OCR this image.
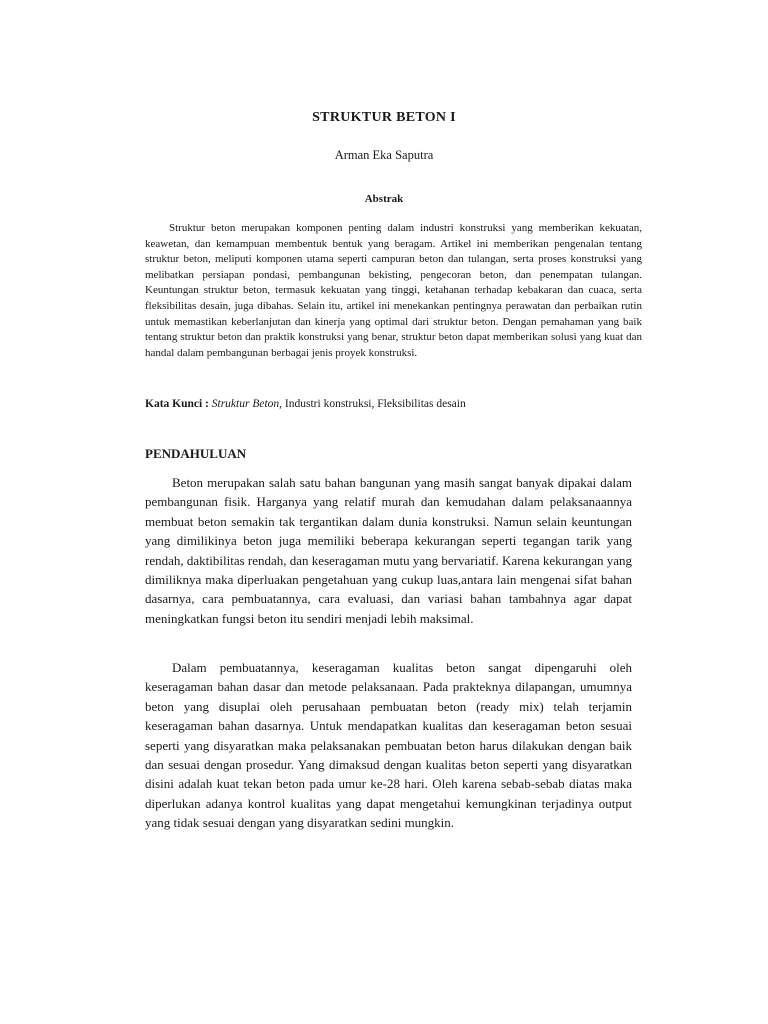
STRUKTUR BETON I
Arman Eka Saputra
Abstrak

Struktur beton merupakan komponen penting dalam industri konstruksi yang memberikan kekuatan, keawetan, dan kemampuan membentuk bentuk yang beragam. Artikel ini memberikan pengenalan tentang struktur beton, meliputi komponen utama seperti campuran beton dan tulangan, serta proses konstruksi yang melibatkan persiapan pondasi, pembangunan bekisting, pengecoran beton, dan penempatan tulangan. Keuntungan struktur beton, termasuk kekuatan yang tinggi, ketahanan terhadap kebakaran dan cuaca, serta fleksibilitas desain, juga dibahas. Selain itu, artikel ini menekankan pentingnya perawatan dan perbaikan rutin untuk memastikan keberlanjutan dan kinerja yang optimal dari struktur beton. Dengan pemahaman yang baik tentang struktur beton dan praktik konstruksi yang benar, struktur beton dapat memberikan solusi yang kuat dan handal dalam pembangunan berbagai jenis proyek konstruksi.

Kata Kunci : Struktur Beton, Industri konstruksi, Fleksibilitas desain

PENDAHULUAN

Beton merupakan salah satu bahan bangunan yang masih sangat banyak dipakai dalam pembangunan fisik. Harganya yang relatif murah dan kemudahan dalam pelaksanaannya membuat beton semakin tak tergantikan dalam dunia konstruksi. Namun selain keuntungan yang dimilikinya beton juga memiliki beberapa kekurangan seperti tegangan tarik yang rendah, daktibilitas rendah, dan keseragaman mutu yang bervariatif. Karena kekurangan yang dimiliknya maka diperluakan pengetahuan yang cukup luas,antara lain mengenai sifat bahan dasarnya, cara pembuatannya, cara evaluasi, dan variasi bahan tambahnya agar dapat meningkatkan fungsi beton itu sendiri menjadi lebih maksimal.

Dalam pembuatannya, keseragaman kualitas beton sangat dipengaruhi oleh keseragaman bahan dasar dan metode pelaksanaan. Pada prakteknya dilapangan, umumnya beton yang disuplai oleh perusahaan pembuatan beton (ready mix) telah terjamin keseragaman bahan dasarnya. Untuk mendapatkan kualitas dan keseragaman beton sesuai seperti yang disyaratkan maka pelaksanakan pembuatan beton harus dilakukan dengan baik dan sesuai dengan prosedur. Yang dimaksud dengan kualitas beton seperti yang disyaratkan disini adalah kuat tekan beton pada umur ke-28 hari. Oleh karena sebab-sebab diatas maka diperlukan adanya kontrol kualitas yang dapat mengetahui kemungkinan terjadinya output yang tidak sesuai dengan yang disyaratkan sedini mungkin.
